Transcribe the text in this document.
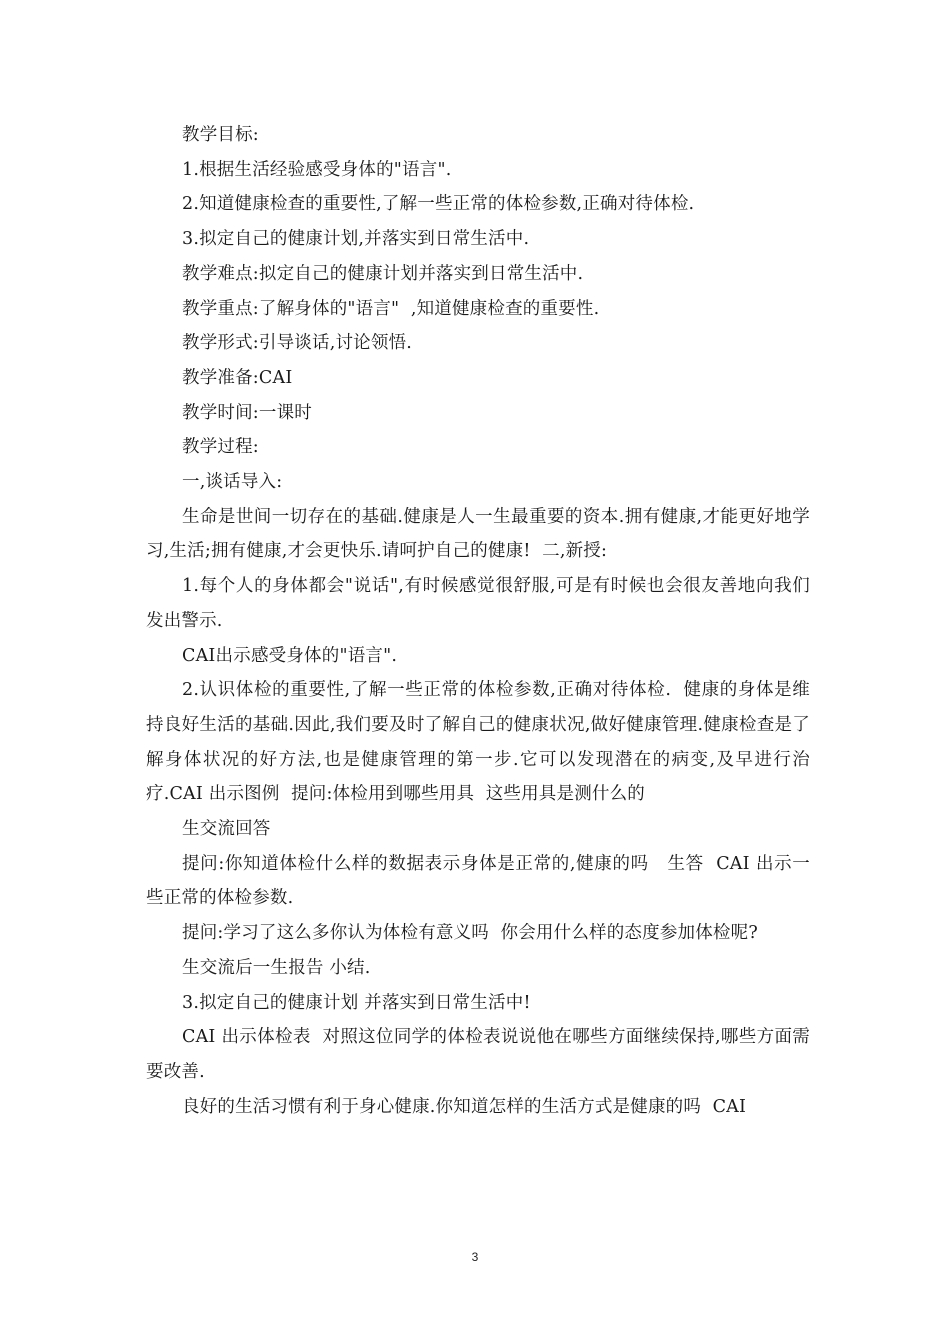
教学目标:

1.根据生活经验感受身体的"语言".

2.知道健康检查的重要性,了解一些正常的体检参数,正确对待体检.

3.拟定自己的健康计划,并落实到日常生活中.

教学难点:拟定自己的健康计划并落实到日常生活中.

教学重点:了解身体的"语言"  ,知道健康检查的重要性.

教学形式:引导谈话,讨论领悟.

教学准备:CAI

教学时间:一课时

教学过程:

一,谈话导入:

生命是世间一切存在的基础.健康是人一生最重要的资本.拥有健康,才能更好地学习,生活;拥有健康,才会更快乐.请呵护自己的健康!  二,新授:

1.每个人的身体都会"说话",有时候感觉很舒服,可是有时候也会很友善地向我们发出警示.

CAI出示感受身体的"语言".

2.认识体检的重要性,了解一些正常的体检参数,正确对待体检.  健康的身体是维持良好生活的基础.因此,我们要及时了解自己的健康状况,做好健康管理.健康检查是了解身体状况的好方法,也是健康管理的第一步.它可以发现潜在的病变,及早进行治疗.CAI 出示图例  提问:体检用到哪些用具  这些用具是测什么的

生交流回答

提问:你知道体检什么样的数据表示身体是正常的,健康的吗   生答  CAI 出示一些正常的体检参数.

提问:学习了这么多你认为体检有意义吗  你会用什么样的态度参加体检呢?

生交流后一生报告 小结.

3.拟定自己的健康计划 并落实到日常生活中!

CAI 出示体检表  对照这位同学的体检表说说他在哪些方面继续保持,哪些方面需要改善.

良好的生活习惯有利于身心健康.你知道怎样的生活方式是健康的吗  CAI

3
